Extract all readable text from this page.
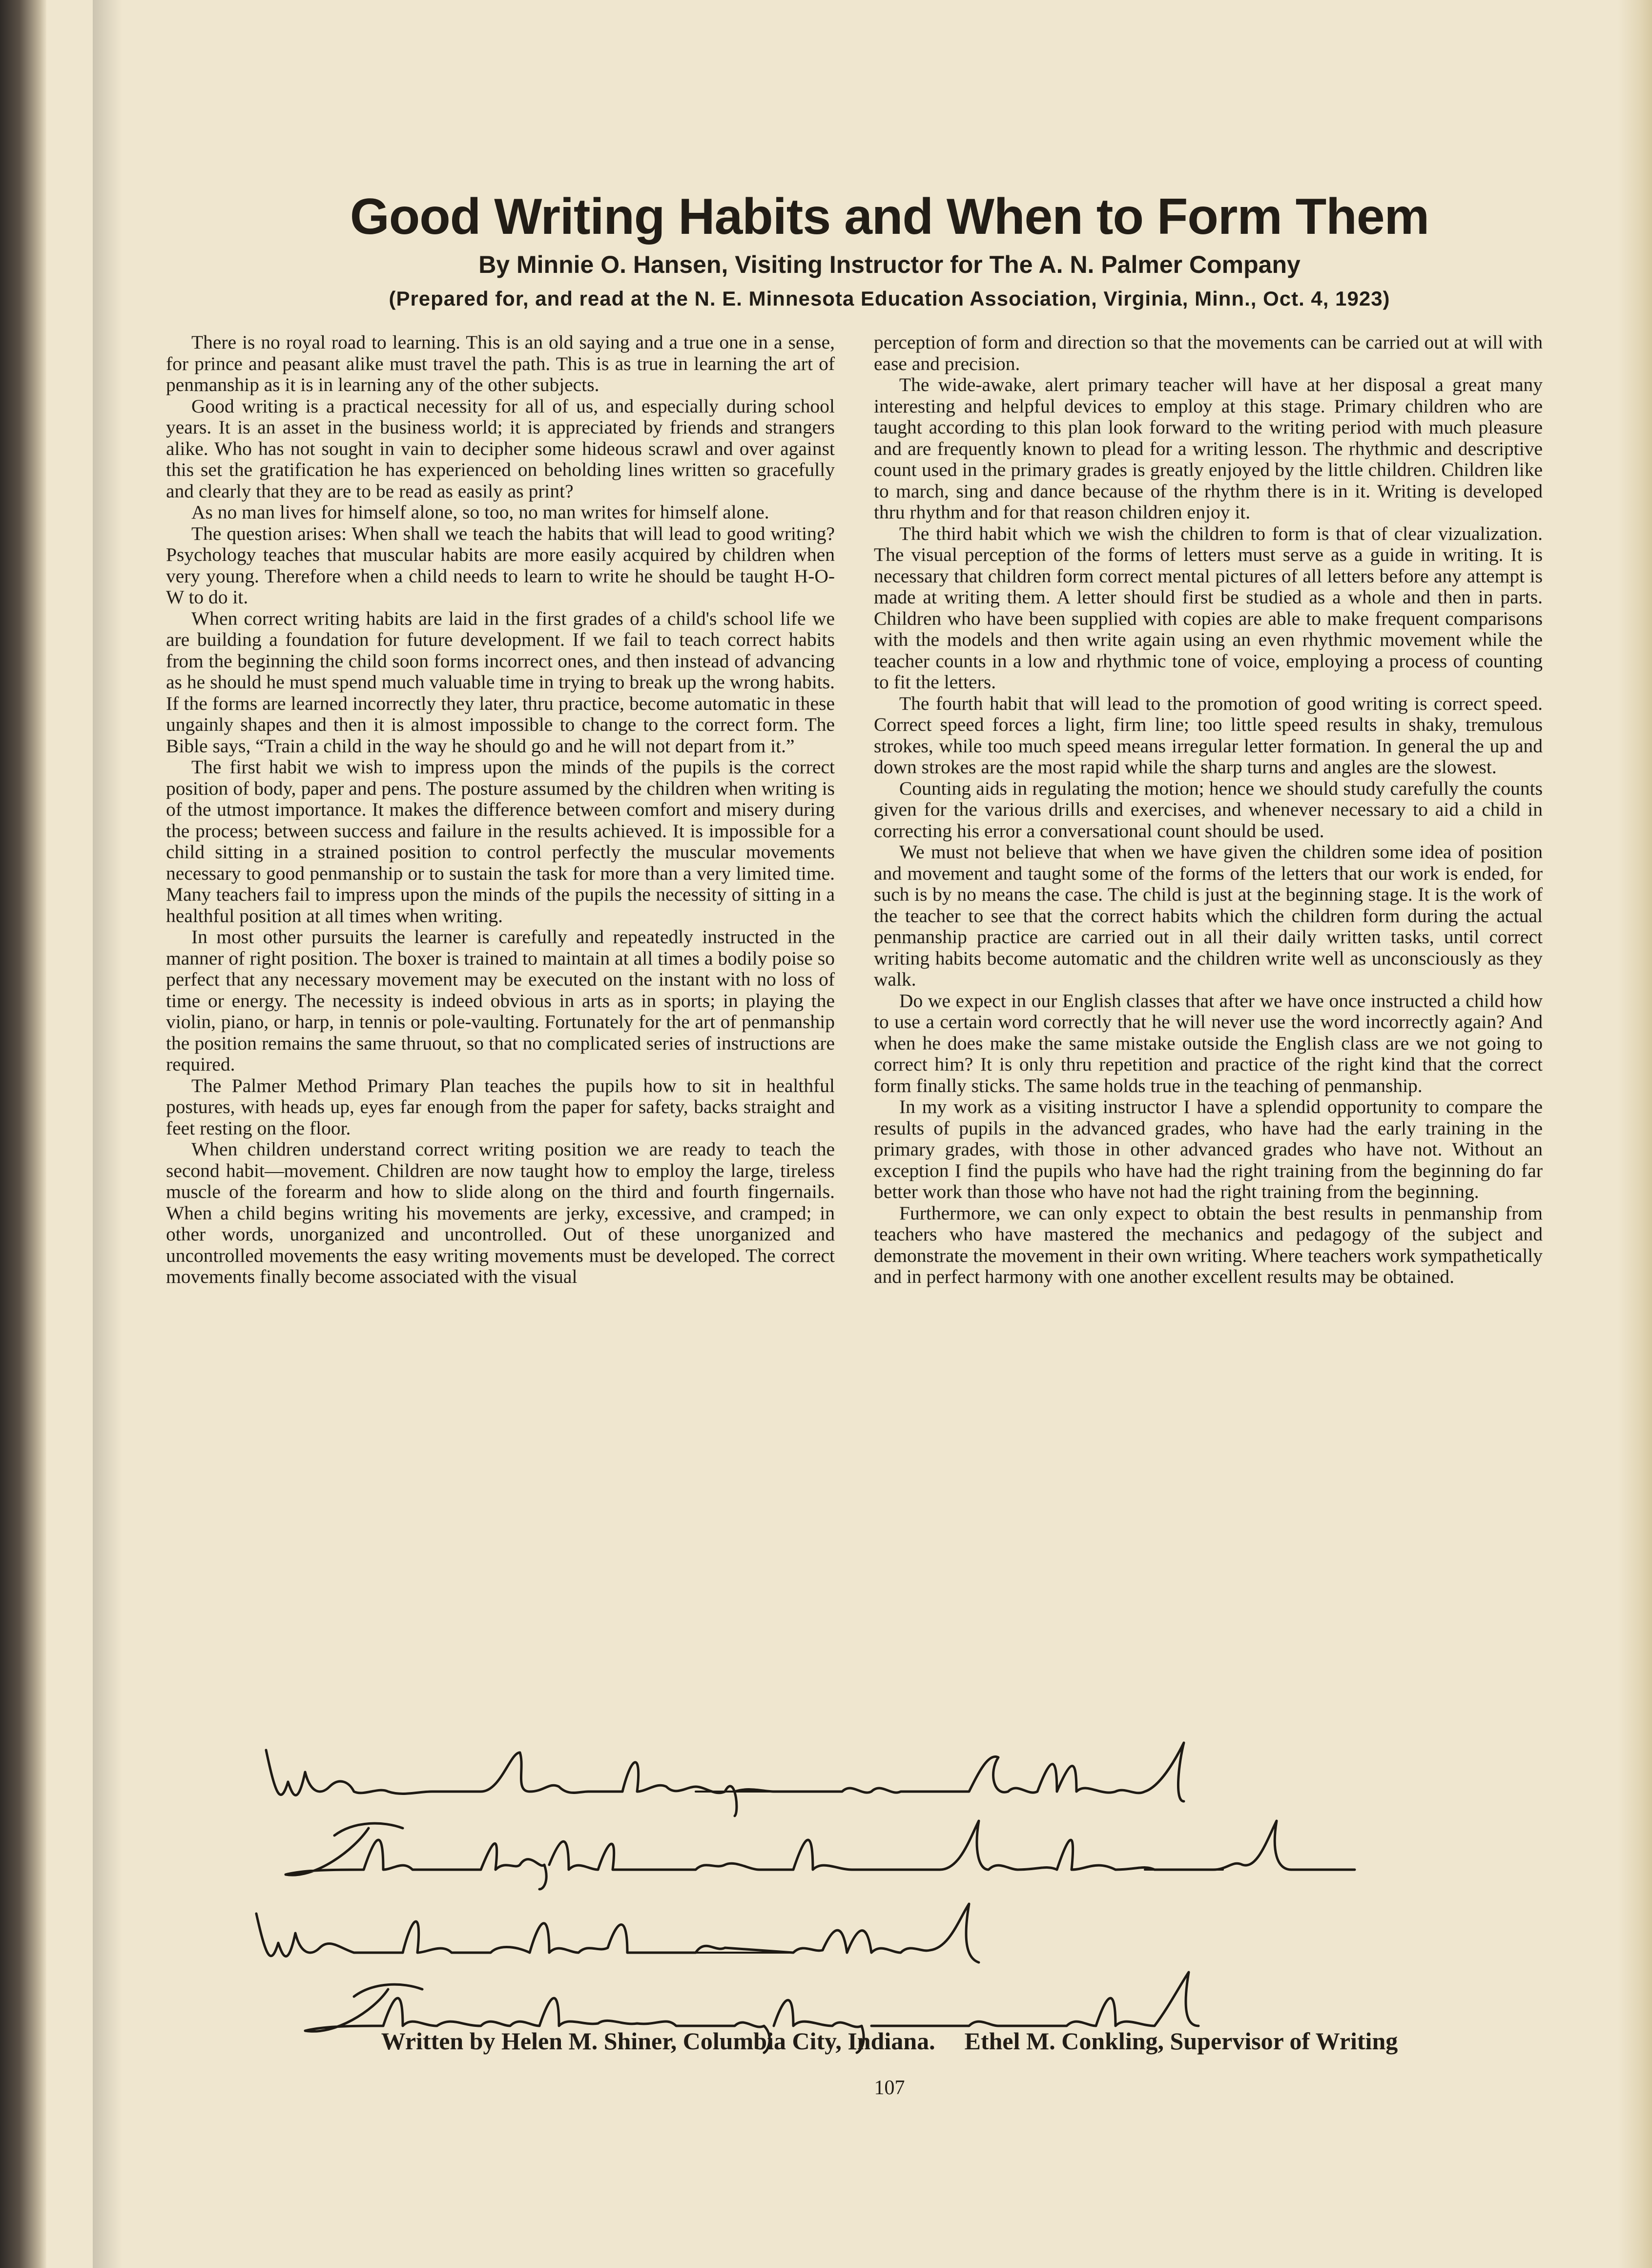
Good Writing Habits and When to Form Them
By Minnie O. Hansen, Visiting Instructor for The A. N. Palmer Company
(Prepared for, and read at the N. E. Minnesota Education Association, Virginia, Minn., Oct. 4, 1923)

There is no royal road to learning. This is an old saying and a true one in a sense, for prince and peasant alike must travel the path. This is as true in learning the art of penmanship as it is in learning any of the other subjects.

Good writing is a practical necessity for all of us, and especially during school years. It is an asset in the business world; it is appreciated by friends and strangers alike. Who has not sought in vain to decipher some hideous scrawl and over against this set the gratification he has experienced on beholding lines written so gracefully and clearly that they are to be read as easily as print?

As no man lives for himself alone, so too, no man writes for himself alone.

The question arises: When shall we teach the habits that will lead to good writing? Psychology teaches that muscular habits are more easily acquired by children when very young. Therefore when a child needs to learn to write he should be taught H-O-W to do it.

When correct writing habits are laid in the first grades of a child's school life we are building a foundation for future development. If we fail to teach correct habits from the beginning the child soon forms incorrect ones, and then instead of advancing as he should he must spend much valuable time in trying to break up the wrong habits. If the forms are learned incorrectly they later, thru practice, become automatic in these ungainly shapes and then it is almost impossible to change to the correct form. The Bible says, “Train a child in the way he should go and he will not depart from it.”

The first habit we wish to impress upon the minds of the pupils is the correct position of body, paper and pens. The posture assumed by the children when writing is of the utmost importance. It makes the difference between comfort and misery during the process; between success and failure in the results achieved. It is impossible for a child sitting in a strained position to control perfectly the muscular movements necessary to good penmanship or to sustain the task for more than a very limited time. Many teachers fail to impress upon the minds of the pupils the necessity of sitting in a healthful position at all times when writing.

In most other pursuits the learner is carefully and repeatedly instructed in the manner of right position. The boxer is trained to maintain at all times a bodily poise so perfect that any necessary movement may be executed on the instant with no loss of time or energy. The necessity is indeed obvious in arts as in sports; in playing the violin, piano, or harp, in tennis or pole-vaulting. Fortunately for the art of penmanship the position remains the same thruout, so that no complicated series of instructions are required.

The Palmer Method Primary Plan teaches the pupils how to sit in healthful postures, with heads up, eyes far enough from the paper for safety, backs straight and feet resting on the floor.

When children understand correct writing position we are ready to teach the second habit—movement. Children are now taught how to employ the large, tireless muscle of the forearm and how to slide along on the third and fourth fingernails. When a child begins writing his movements are jerky, excessive, and cramped; in other words, unorganized and uncontrolled. Out of these unorganized and uncontrolled movements the easy writing movements must be developed. The correct movements finally become associated with the visual

perception of form and direction so that the movements can be carried out at will with ease and precision.

The wide-awake, alert primary teacher will have at her disposal a great many interesting and helpful devices to employ at this stage. Primary children who are taught according to this plan look forward to the writing period with much pleasure and are frequently known to plead for a writing lesson. The rhythmic and descriptive count used in the primary grades is greatly enjoyed by the little children. Children like to march, sing and dance because of the rhythm there is in it. Writing is developed thru rhythm and for that reason children enjoy it.

The third habit which we wish the children to form is that of clear vizualization. The visual perception of the forms of letters must serve as a guide in writing. It is necessary that children form correct mental pictures of all letters before any attempt is made at writing them. A letter should first be studied as a whole and then in parts. Children who have been supplied with copies are able to make frequent comparisons with the models and then write again using an even rhythmic movement while the teacher counts in a low and rhythmic tone of voice, employing a process of counting to fit the letters.

The fourth habit that will lead to the promotion of good writing is correct speed. Correct speed forces a light, firm line; too little speed results in shaky, tremulous strokes, while too much speed means irregular letter formation. In general the up and down strokes are the most rapid while the sharp turns and angles are the slowest.

Counting aids in regulating the motion; hence we should study carefully the counts given for the various drills and exercises, and whenever necessary to aid a child in correcting his error a conversational count should be used.

We must not believe that when we have given the children some idea of position and movement and taught some of the forms of the letters that our work is ended, for such is by no means the case. The child is just at the beginning stage. It is the work of the teacher to see that the correct habits which the children form during the actual penmanship practice are carried out in all their daily written tasks, until correct writing habits become automatic and the children write well as unconsciously as they walk.

Do we expect in our English classes that after we have once instructed a child how to use a certain word correctly that he will never use the word incorrectly again? And when he does make the same mistake outside the English class are we not going to correct him? It is only thru repetition and practice of the right kind that the correct form finally sticks. The same holds true in the teaching of penmanship.

In my work as a visiting instructor I have a splendid opportunity to compare the results of pupils in the advanced grades, who have had the early training in the primary grades, with those in other advanced grades who have not. Without an exception I find the pupils who have had the right training from the beginning do far better work than those who have not had the right training from the beginning.

Furthermore, we can only expect to obtain the best results in penmanship from teachers who have mastered the mechanics and pedagogy of the subject and demonstrate the movement in their own writing. Where teachers work sympathetically and in perfect harmony with one another excellent results may be obtained.

Written by Helen M. Shiner, Columbia City, Indiana. Ethel M. Conkling, Supervisor of Writing
107
